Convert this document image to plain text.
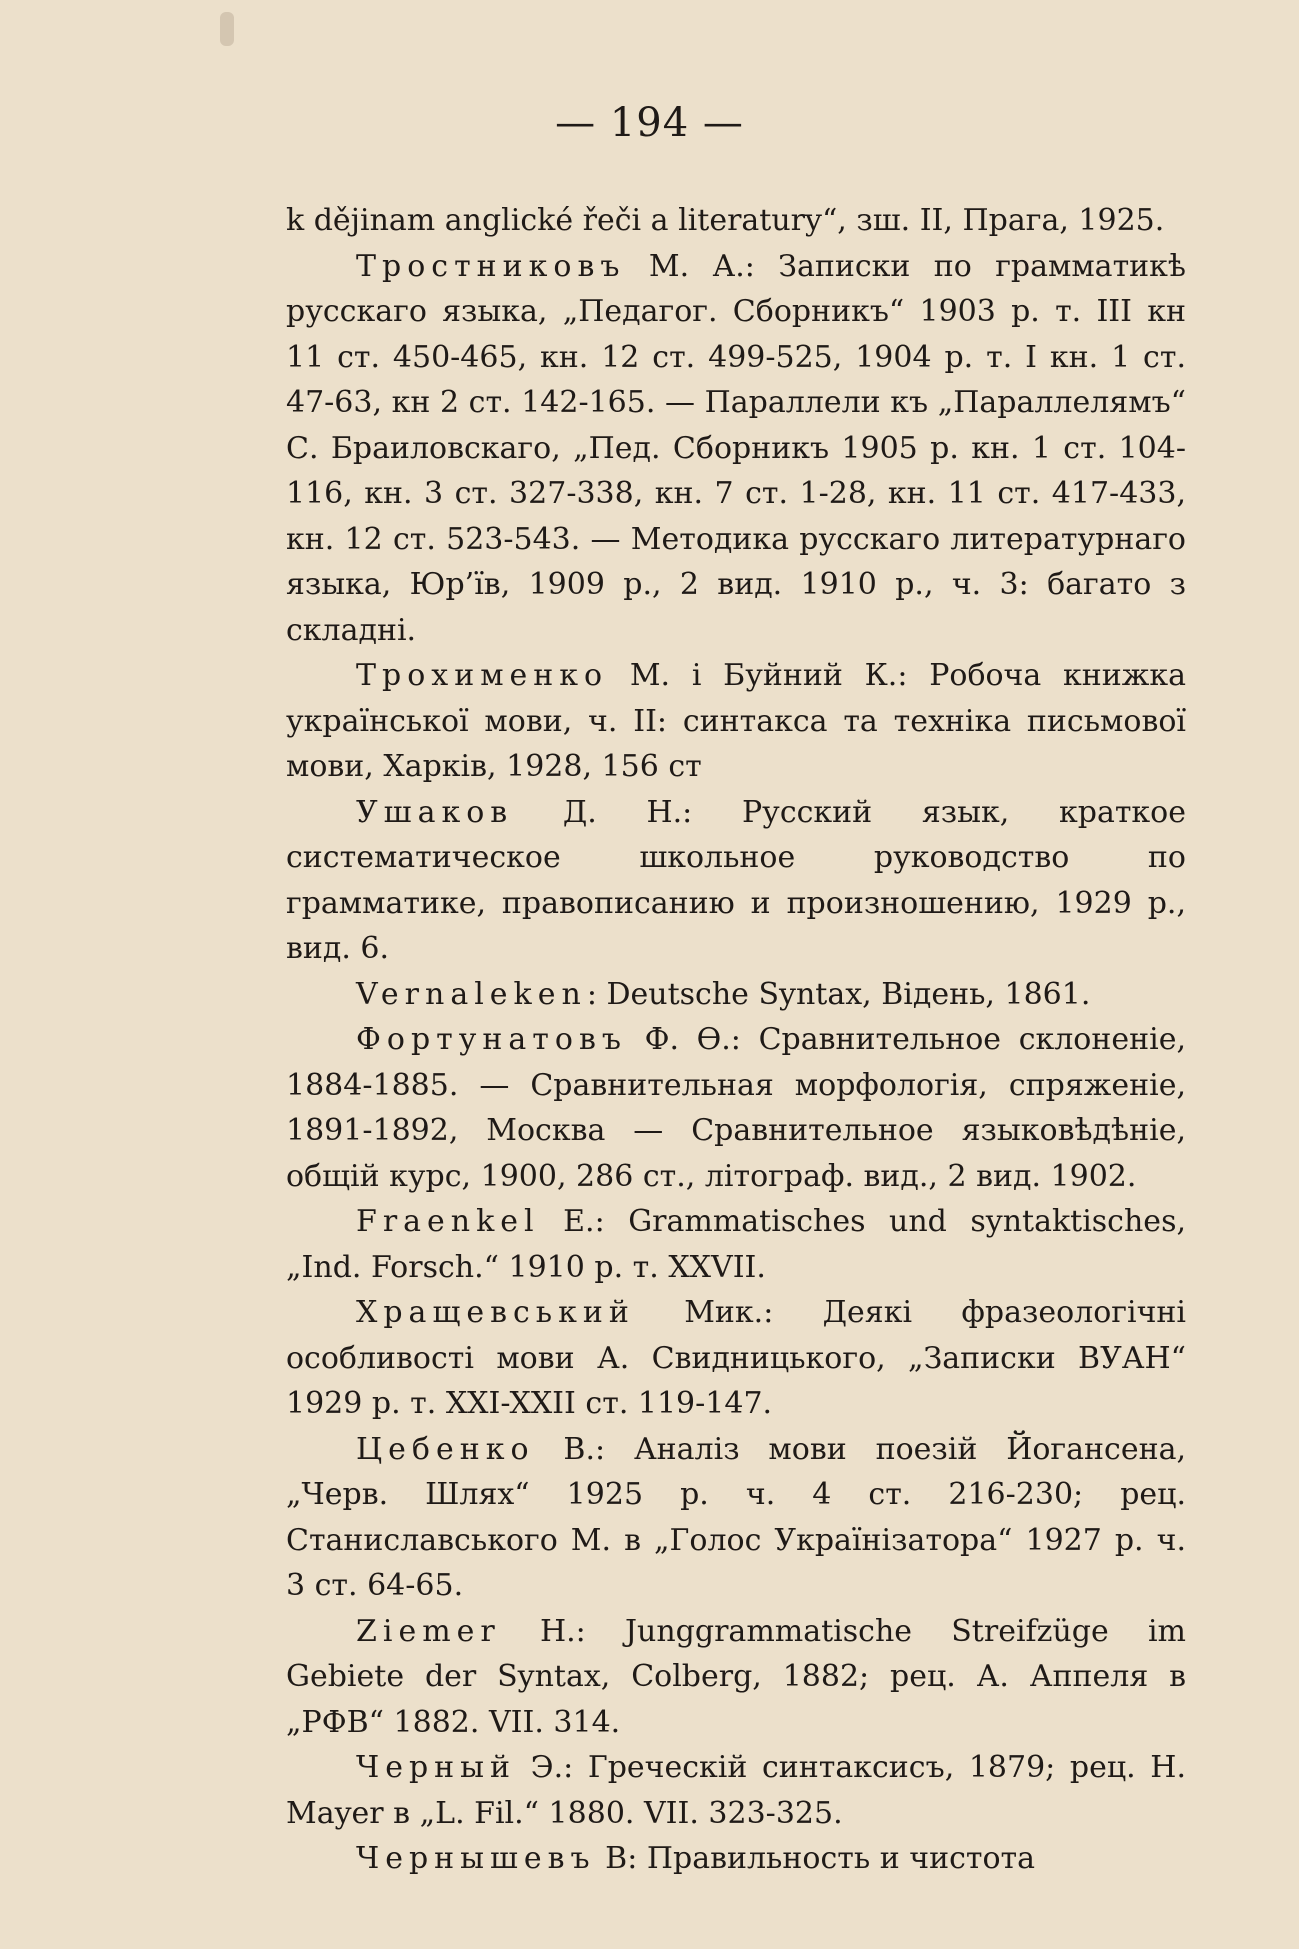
— 194 —

k dějinam anglické řeči a literatury“, зш. II, Прага, 1925.

Тростниковъ М. А.: Записки по грамматикѣ русскаго языка, „Педагог. Сборникъ“ 1903 р. т. III кн 11 ст. 450-465, кн. 12 ст. 499-525, 1904 р. т. I кн. 1 ст. 47-63, кн 2 ст. 142-165. — Параллели къ „Параллелямъ“ С. Браиловскаго, „Пед. Сборникъ 1905 р. кн. 1 ст. 104-116, кн. 3 ст. 327-338, кн. 7 ст. 1-28, кн. 11 ст. 417-433, кн. 12 ст. 523-543. — Методика русскаго литературнаго языка, Юр’їв, 1909 р., 2 вид. 1910 р., ч. 3: багато з складні.

Трохименко М. і Буйний К.: Робоча книжка української мови, ч. II: синтакса та техніка письмової мови, Харків, 1928, 156 ст

Ушаков Д. Н.: Русский язык, краткое систематическое школьное руководство по грамматике, правописанию и произношению, 1929 р., вид. 6.

Vernaleken: Deutsche Syntax, Відень, 1861.

Фортунатовъ Ф. Ѳ.: Сравнительное склоненіе, 1884-1885. — Сравнительная морфологія, спряженіе, 1891-1892, Москва — Сравнительное языковѣдѣніе, общій курс, 1900, 286 ст., літограф. вид., 2 вид. 1902.

Fraenkel E.: Grammatisches und syntaktisches, „Ind. Forsch.“ 1910 р. т. XXVII.

Хращевський Мик.: Деякі фразеологічні особливості мови А. Свидницького, „Записки ВУАН“ 1929 р. т. XXI-XXII ст. 119-147.

Цебенко В.: Аналіз мови поезій Йогансена, „Черв. Шлях“ 1925 р. ч. 4 ст. 216-230; рец. Станиславського М. в „Голос Українізатора“ 1927 р. ч. 3 ст. 64-65.

Ziemer H.: Junggrammatische Streifzüge im Gebiete der Syntax, Colberg, 1882; рец. А. Аппеля в „РФВ“ 1882. VII. 314.

Черный Э.: Греческій синтаксисъ, 1879; рец. H. Mayer в „L. Fil.“ 1880. VII. 323-325.

Чернышевъ В: Правильность и чистота
